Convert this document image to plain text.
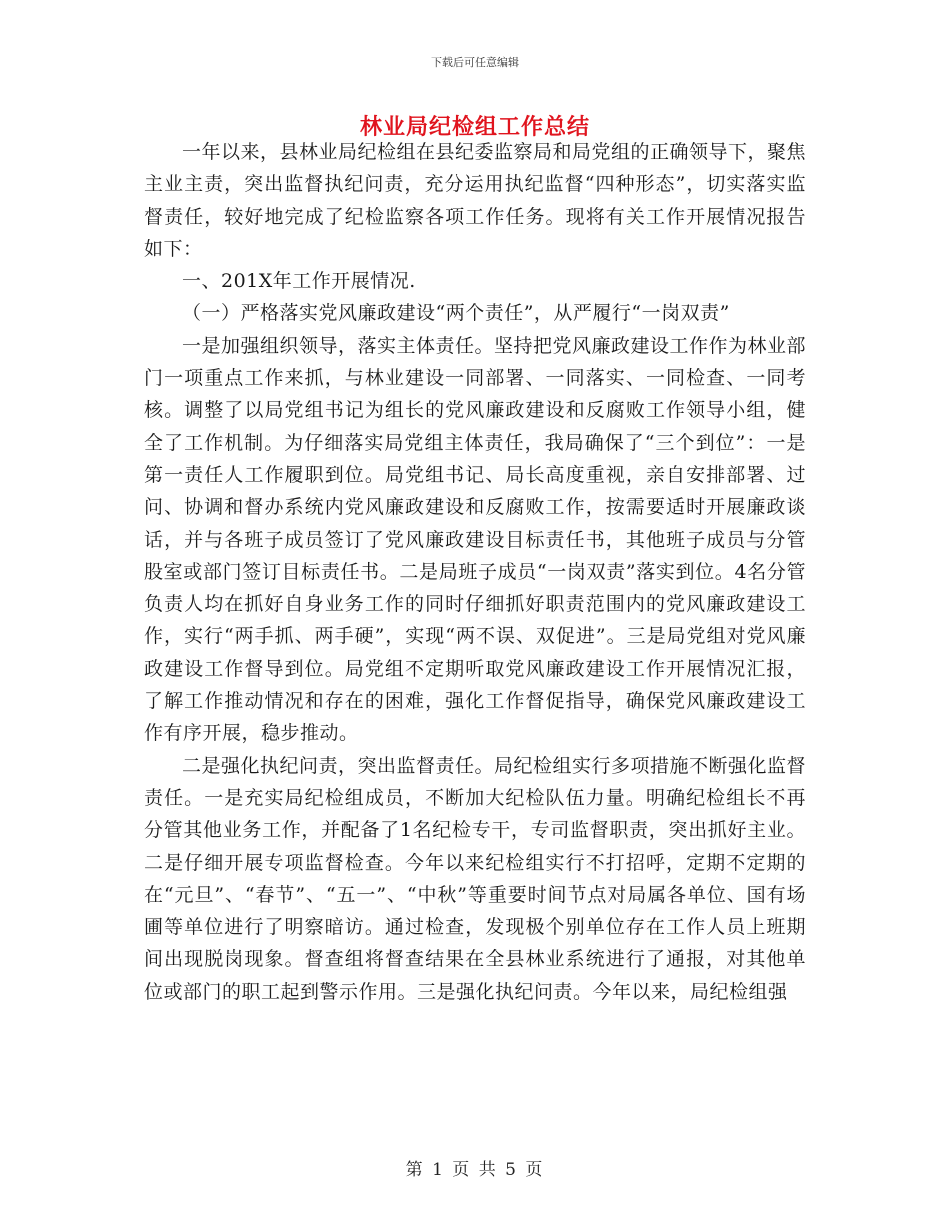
下载后可任意编辑
林业局纪检组工作总结

一年以来，县林业局纪检组在县纪委监察局和局党组的正确领导下，聚焦主业主责，突出监督执纪问责，充分运用执纪监督“四种形态”，切实落实监督责任，较好地完成了纪检监察各项工作任务。现将有关工作开展情况报告如下：

一、201X年工作开展情况.

（一）严格落实党风廉政建设“两个责任”，从严履行“一岗双责”

一是加强组织领导，落实主体责任。坚持把党风廉政建设工作作为林业部门一项重点工作来抓，与林业建设一同部署、一同落实、一同检查、一同考核。调整了以局党组书记为组长的党风廉政建设和反腐败工作领导小组，健全了工作机制。为仔细落实局党组主体责任，我局确保了“三个到位”：一是第一责任人工作履职到位。局党组书记、局长高度重视，亲自安排部署、过问、协调和督办系统内党风廉政建设和反腐败工作，按需要适时开展廉政谈话，并与各班子成员签订了党风廉政建设目标责任书，其他班子成员与分管股室或部门签订目标责任书。二是局班子成员“一岗双责”落实到位。4名分管负责人均在抓好自身业务工作的同时仔细抓好职责范围内的党风廉政建设工作，实行“两手抓、两手硬”，实现“两不误、双促进”。三是局党组对党风廉政建设工作督导到位。局党组不定期听取党风廉政建设工作开展情况汇报，了解工作推动情况和存在的困难，强化工作督促指导，确保党风廉政建设工作有序开展，稳步推动。

二是强化执纪问责，突出监督责任。局纪检组实行多项措施不断强化监督责任。一是充实局纪检组成员，不断加大纪检队伍力量。明确纪检组长不再分管其他业务工作，并配备了1名纪检专干，专司监督职责，突出抓好主业。二是仔细开展专项监督检查。今年以来纪检组实行不打招呼，定期不定期的在“元旦”、“春节”、“五一”、“中秋”等重要时间节点对局属各单位、国有场圃等单位进行了明察暗访。通过检查，发现极个别单位存在工作人员上班期间出现脱岗现象。督查组将督查结果在全县林业系统进行了通报，对其他单位或部门的职工起到警示作用。三是强化执纪问责。今年以来，局纪检组强

第 1 页 共 5 页
